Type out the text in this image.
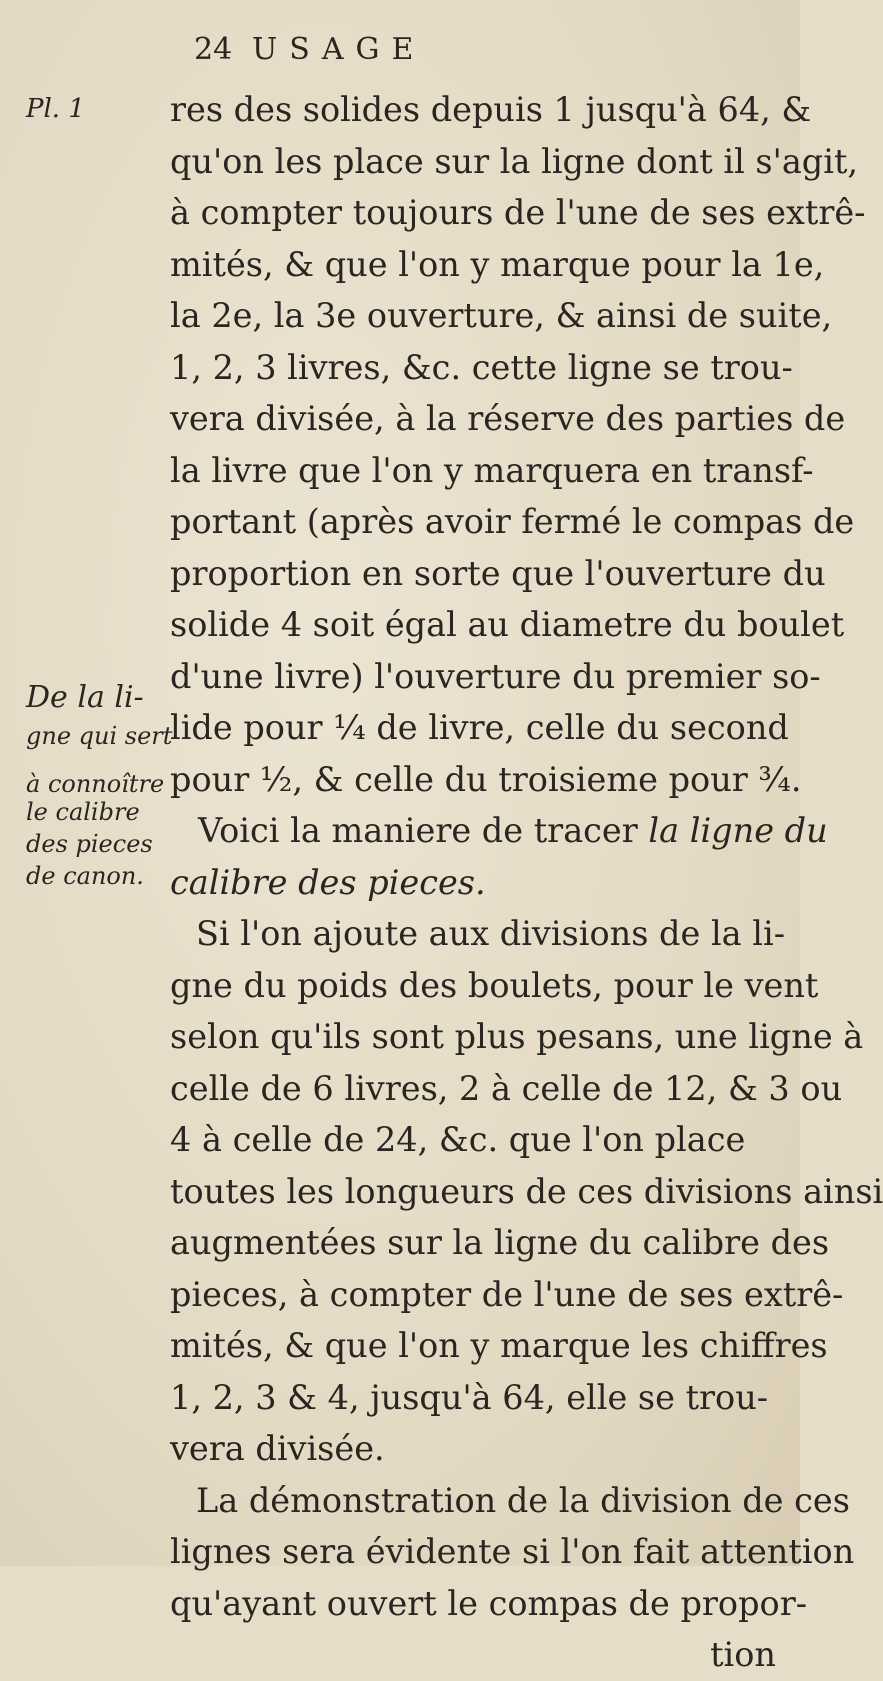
24 USAGE
Pl. 1
De la li-
gne qui sert
à connoître
le calibre
des pieces
de canon.
res des solides depuis 1 jusqu'à 64, &
qu'on les place sur la ligne dont il s'agit,
à compter toujours de l'une de ses extrê-
mités, & que l'on y marque pour la 1e,
la 2e, la 3e ouverture, & ainsi de suite,
1, 2, 3 livres, &c. cette ligne se trou-
vera divisée, à la réserve des parties de
la livre que l'on y marquera en transf-
portant (après avoir fermé le compas de
proportion en sorte que l'ouverture du
solide 4 soit égal au diametre du boulet
d'une livre) l'ouverture du premier so-
lide pour ¼ de livre, celle du second
pour ½, & celle du troisieme pour ¾.
Voici la maniere de tracer la ligne du
calibre des pieces.
Si l'on ajoute aux divisions de la li-
gne du poids des boulets, pour le vent
selon qu'ils sont plus pesans, une ligne à
celle de 6 livres, 2 à celle de 12, & 3 ou
4 à celle de 24, &c. que l'on place
toutes les longueurs de ces divisions ainsi
augmentées sur la ligne du calibre des
pieces, à compter de l'une de ses extrê-
mités, & que l'on y marque les chiffres
1, 2, 3 & 4, jusqu'à 64, elle se trou-
vera divisée.
La démonstration de la division de ces
lignes sera évidente si l'on fait attention
qu'ayant ouvert le compas de propor-
tion
